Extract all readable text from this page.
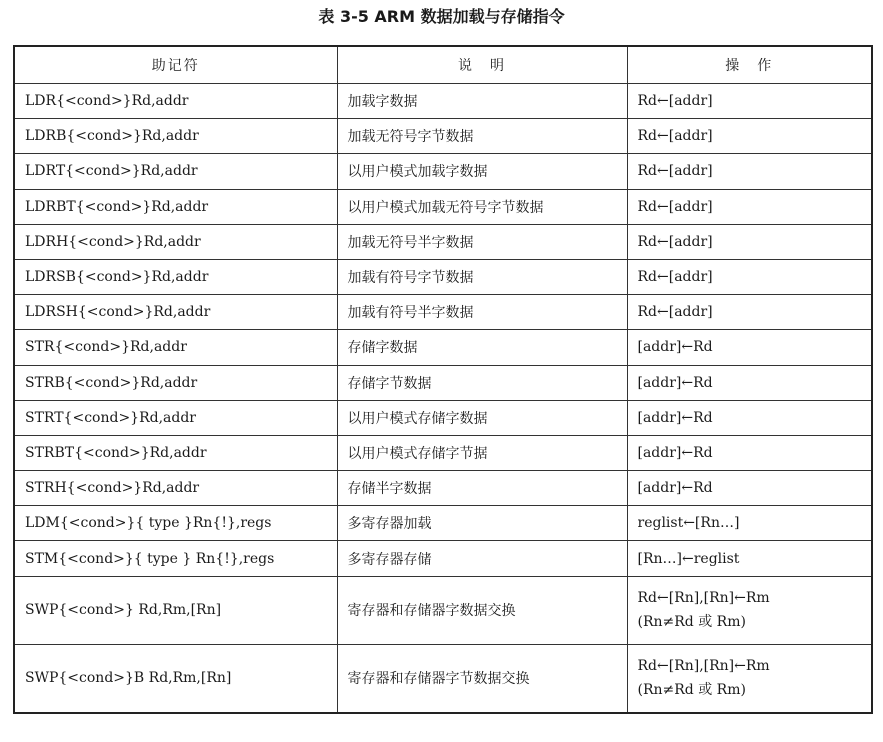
表 3-5 ARM 数据加载与存储指令
助记符	说　明	操　作
LDR{<cond>}Rd,addr	加载字数据	Rd←[addr]

LDRB{<cond>}Rd,addr	加载无符号字节数据	Rd←[addr]

LDRT{<cond>}Rd,addr	以用户模式加载字数据	Rd←[addr]

LDRBT{<cond>}Rd,addr	以用户模式加载无符号字节数据	Rd←[addr]

LDRH{<cond>}Rd,addr	加载无符号半字数据	Rd←[addr]

LDRSB{<cond>}Rd,addr	加载有符号字节数据	Rd←[addr]

LDRSH{<cond>}Rd,addr	加载有符号半字数据	Rd←[addr]

STR{<cond>}Rd,addr	存储字数据	[addr]←Rd

STRB{<cond>}Rd,addr	存储字节数据	[addr]←Rd

STRT{<cond>}Rd,addr	以用户模式存储字数据	[addr]←Rd

STRBT{<cond>}Rd,addr	以用户模式存储字节据	[addr]←Rd

STRH{<cond>}Rd,addr	存储半字数据	[addr]←Rd

LDM{<cond>}{ type }Rn{!},regs	多寄存器加载	reglist←[Rn…]

STM{<cond>}{ type } Rn{!},regs	多寄存器存储	[Rn…]←reglist

SWP{<cond>} Rd,Rm,[Rn]	寄存器和存储器字数据交换	Rd←[Rn],[Rn]←Rm
(Rn≠Rd 或 Rm)

SWP{<cond>}B Rd,Rm,[Rn]	寄存器和存储器字节数据交换	Rd←[Rn],[Rn]←Rm
(Rn≠Rd 或 Rm)
